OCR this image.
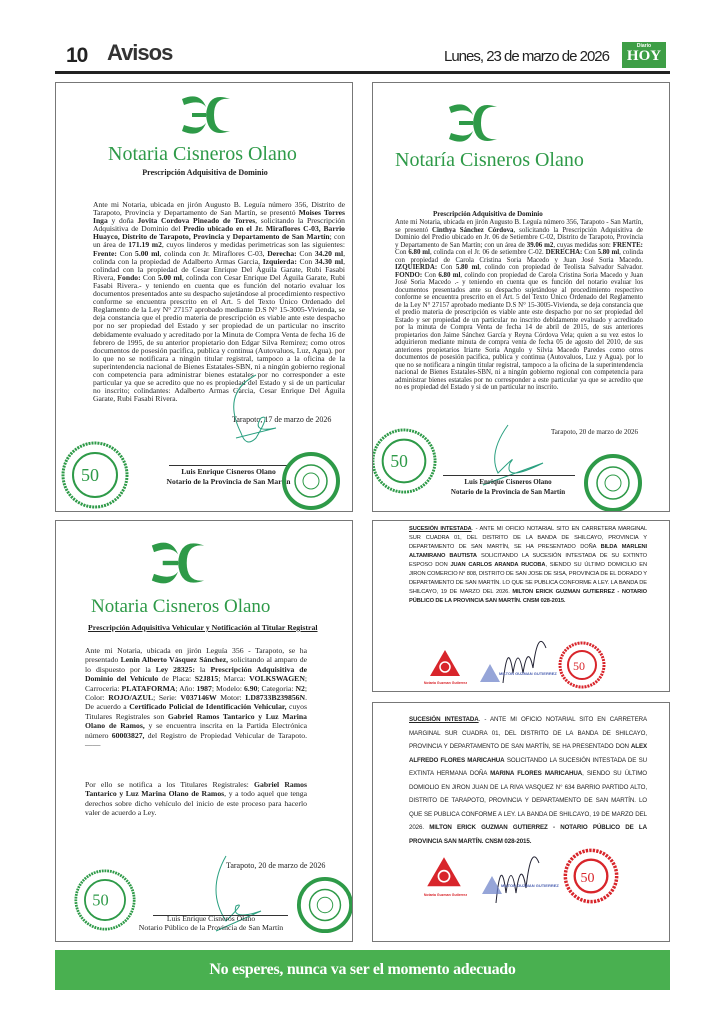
10 Avisos	Lunes, 23 de marzo de 2026
Diario
HOY
Notaria Cisneros Olano
Prescripción Adquisitiva de Dominio
Ante mi Notaria, ubicada en jirón Augusto B. Leguía número 356, Distrito de Tarapoto, Provincia y Departamento de San Martín, se presentó Moises Torres Inga y doña Jovita Cordova Pineado de Torres, solicitando la Prescripción Adquisitiva de Dominio del Predio ubicado en el Jr. Miraflores C-03, Barrio Huayco, Distrito de Tarapoto, Provincia y Departamento de San Martín; con un área de 171.19 m2, cuyos linderos y medidas perimetricas son las siguientes: Frente: Con 5.00 ml, colinda con Jr. Miraflores C-03, Derecha: Con 34.20 ml, colinda con la propiedad de Adalberto Armas Garcia, Izquierda: Con 34.30 ml, colindad con la propiedad de Cesar Enrique Del Águila Garate, Rubi Fasabi Rivera, Fondo: Con 5.00 ml, colinda con Cesar Enrique Del Águila Garate, Rubi Fasabi Rivera.- y teniendo en cuenta que es función del notario evaluar los documentos presentados ante su despacho sujetándose al procedimiento respectivo conforme se encuentra prescrito en el Art. 5 del Texto Único Ordenado del Reglamento de la Ley N° 27157 aprobado mediante D.S N° 15-3005-Vivienda, se deja constancia que el predio materia de prescripción es viable ante este despacho por no ser propiedad del Estado y ser propiedad de un particular no inscrito debidamente evaluado y acreditado por la Minuta de Compra Venta de fecha 16 de febrero de 1995, de su anterior propietario don Edgar Silva Remirez; como otros documentos de posesión pacifica, publica y continua (Autovaluos, Luz, Agua). por lo que no se notificara a ningún titular registral, tampoco a la oficina de la superintendencia nacional de Bienes Estatales-SBN, ni a ningún gobierno regional con competencia para administrar bienes estatales por no corresponder a este particular ya que se acredito que no es propiedad del Estado y si de un particular no inscrito; colindantes: Adalberto Armas Garcia, Cesar Enrique Del Águila Garate, Rubi Fasabi Rivera.
Tarapoto, 17 de marzo de 2026
Luis Enrique Cisneros Olano
Notario de la Provincia de San Martín
50
Notaría Cisneros Olano
Prescripción Adquisitiva de Dominio
Ante mi Notaria, ubicada en jirón Augusto B. Leguía número 356, Tarapoto - San Martín, se presentó Cinthya Sánchez Córdova, solicitando la Prescripción Adquisitiva de Dominio del Predio ubicado en Jr. 06 de Setiembre C-02, Distrito de Tarapoto, Provincia y Departamento de San Martín; con un área de 39.06 m2, cuyas medidas son: FRENTE: Con 6.80 ml, colinda con el Jr. 06 de setiembre C-02. DERECHA: Con 5.80 ml, colinda con propiedad de Carola Cristina Soria Macedo y Juan José Soria Macedo. IZQUIERDA: Con 5.80 ml, colindo con propiedad de Teolista Salvador Salvador. FONDO: Con 6.80 ml, colindo con propiedad de Carola Cristina Soria Macedo y Juan José Soria Macedo .- y teniendo en cuenta que es función del notario evaluar los documentos presentados ante su despacho sujetándose al procedimiento respectivo conforme se encuentra prescrito en el Art. 5 del Texto Único Ordenado del Reglamento de la Ley N° 27157 aprobado mediante D.S N° 15-3005-Vivienda, se deja constancia que el predio materia de prescripción es viable ante este despacho por no ser propiedad del Estado y ser propiedad de un particular no inscrito debidamente evaluado y acreditado por la minuta de Compra Venta de fecha 14 de abril de 2015, de sus anteriores propietarios don Jaime Sánchez García y Reyna Córdova Vela; quien a su vez estos lo adquirieron mediante minuta de compra venta de fecha 05 de agosto del 2010, de sus anteriores propietarios Iriarte Soria Angulo y Silvia Macedo Paredes como otros documentos de posesión pacifica, publica y continua (Autovaluos, Luz y Agua). por lo que no se notificara a ningún titular registral, tampoco a la oficina de la superintendencia nacional de Bienes Estatales-SBN, ni a ningún gobierno regional con competencia para administrar bienes estatales por no corresponder a este particular ya que se acredito que no es propiedad del Estado y si de un particular no inscrito.
Tarapoto, 20 de marzo de 2026
Luis Enrique Cisneros Olano
Notario de la Provincia de San Martín
50
Notaria Cisneros Olano
Prescripción Adquisitiva Vehicular y Notificación al Titular Registral
Ante mi Notaria, ubicada en jirón Leguía 356 - Tarapoto, se ha presentado Lenin Alberto Vásquez Sánchez, solicitando al amparo de lo dispuesto por la Ley 28325: la Prescripción Adquisitiva de Dominio del Vehículo de Placa: S2J815; Marca: VOLKSWAGEN; Carroceria: PLATAFORMA; Año: 1987; Modelo: 6.90; Categoria: N2; Color: ROJO/AZUL; Serie: V037146W Motor: LD8733B239856N. De acuerdo a Certificado Policial de Identificación Vehicular, cuyos Titulares Registrales son Gabriel Ramos Tantarico y Luz Marina Olano de Ramos, y se encuentra inscrita en la Partida Electrónica número 60003827, del Registro de Propiedad Vehicular de Tarapoto. ——
Por ello se notifica a los Titulares Registrales: Gabriel Ramos Tantarico y Luz Marina Olano de Ramos, y a todo aquel que tenga derechos sobre dicho vehículo del inicio de este proceso para hacerlo valer de acuerdo a Ley.
Tarapoto, 20 de marzo de 2026
Luis Enrique Cisneros Olano
Notario Público de la Provincia de San Martín
50
SUCESIÓN INTESTADA. - ANTE MI OFICIO NOTARIAL SITO EN CARRETERA MARGINAL SUR CUADRA 01, DEL DISTRITO DE LA BANDA DE SHILCAYO, PROVINCIA Y DEPARTAMENTO DE SAN MARTÍN, SE HA PRESENTADO DOÑA BILDA MARLENI ALTAMIRANO BAUTISTA SOLICITANDO LA SUCESIÓN INTESTADA DE SU EXTINTO ESPOSO DON JUAN CARLOS ARANDA RUCOBA, SIENDO SU ÚLTIMO DOMICILIO EN JIRON COMERCIO N° 808, DISTRITO DE SAN JOSE DE SISA, PROVINCIA DE EL DORADO Y DEPARTAMENTO DE SAN MARTÍN. LO QUE SE PUBLICA CONFORME A LEY. LA BANDA DE SHILCAYO, 19 DE MARZO DEL 2026. MILTON ERICK GUZMAN GUTIERREZ - NOTARIO PÚBLICO DE LA PROVINCIA SAN MARTÍN. CNSM 028-2015.
Notaria Guzman Gutierrez
MILTON GUZMAN GUTIERREZ
50
SUCESIÓN INTESTADA. - ANTE MI OFICIO NOTARIAL SITO EN CARRETERA MARGINAL SUR CUADRA 01, DEL DISTRITO DE LA BANDA DE SHILCAYO, PROVINCIA Y DEPARTAMENTO DE SAN MARTÍN, SE HA PRESENTADO DON ALEX ALFREDO FLORES MARICAHUA SOLICITANDO LA SUCESIÓN INTESTADA DE SU EXTINTA HERMANA DOÑA MARINA FLORES MARICAHUA, SIENDO SU ÚLTIMO DOMIOLIO EN JIRON JUAN DE LA RIVA VASQUEZ N° 634 BARRIO PARTIDO ALTO, DISTRITO DE TARAPOTO, PROVINCIA Y DEPARTAMENTO DE SAN MARTÍN. LO QUE SE PUBLICA CONFORME A LEY. LA BANDA DE SHILCAYO, 19 DE MARZO DEL 2026. MILTON ERICK GUZMAN GUTIERREZ - NOTARIO PÚBLICO DE LA PROVINCIA SAN MARTÍN. CNSM 028-2015.
Notaria Guzman Gutierrez
MILTON GUZMAN GUTIERREZ 50
No esperes, nunca va ser el momento adecuado
